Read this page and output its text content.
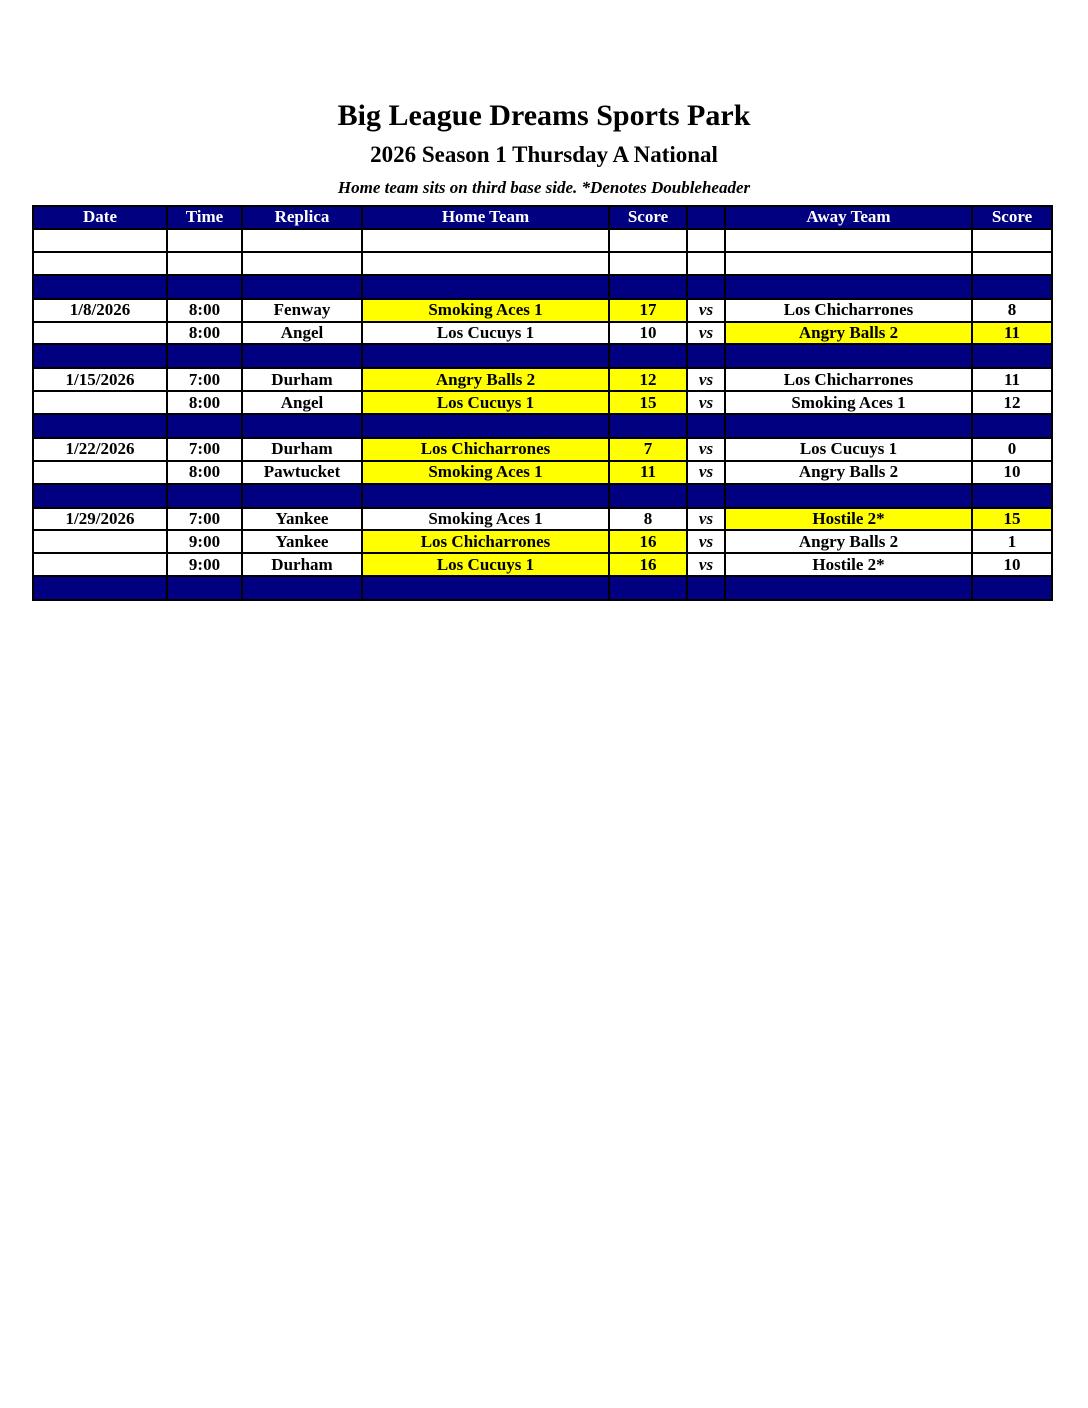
Big League Dreams Sports Park
2026 Season 1 Thursday A National
Home team sits on third base side. *Denotes Doubleheader
Date	Time	Replica	Home Team	Score		Away Team	Score

1/8/2026	8:00	Fenway	Smoking Aces 1	17	vs	Los Chicharrones	8
	8:00	Angel	Los Cucuys 1	10	vs	Angry Balls 2	11

1/15/2026	7:00	Durham	Angry Balls 2	12	vs	Los Chicharrones	11
	8:00	Angel	Los Cucuys 1	15	vs	Smoking Aces 1	12

1/22/2026	7:00	Durham	Los Chicharrones	7	vs	Los Cucuys 1	0
	8:00	Pawtucket	Smoking Aces 1	11	vs	Angry Balls 2	10

1/29/2026	7:00	Yankee	Smoking Aces 1	8	vs	Hostile 2*	15
	9:00	Yankee	Los Chicharrones	16	vs	Angry Balls 2	1
	9:00	Durham	Los Cucuys 1	16	vs	Hostile 2*	10
